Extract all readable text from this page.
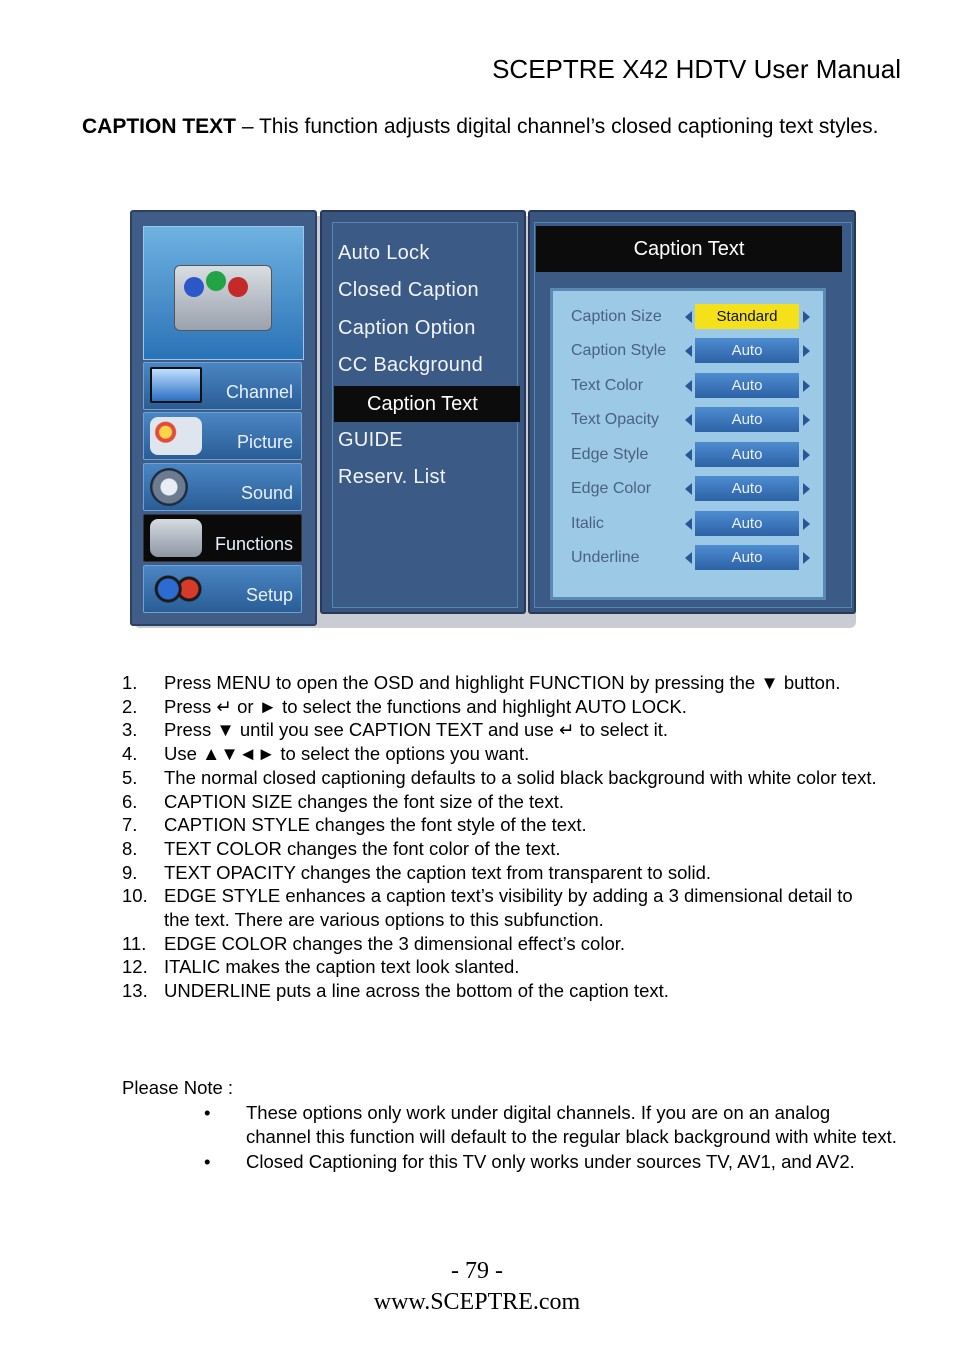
SCEPTRE X42 HDTV User Manual
CAPTION TEXT – This function adjusts digital channel’s closed captioning text styles.
Channel
Picture
Sound
Functions
Setup
Auto Lock
Closed Caption
Caption Option
CC Background
Caption Text
GUIDE
Reserv. List
Caption Text
Caption Size	Standard
Caption Style	Auto
Text Color	Auto
Text Opacity	Auto
Edge Style	Auto
Edge Color	Auto
Italic	Auto
Underline	Auto
1. Press MENU to open the OSD and highlight FUNCTION by pressing the ▼ button.
2. Press ↵ or ► to select the functions and highlight AUTO LOCK.
3. Press ▼ until you see CAPTION TEXT and use ↵ to select it.
4. Use ▲▼◄► to select the options you want.
5. The normal closed captioning defaults to a solid black background with white color text.
6. CAPTION SIZE changes the font size of the text.
7. CAPTION STYLE changes the font style of the text.
8. TEXT COLOR changes the font color of the text.
9. TEXT OPACITY changes the caption text from transparent to solid.
10. EDGE STYLE enhances a caption text’s visibility by adding a 3 dimensional detail to the text. There are various options to this subfunction.
11. EDGE COLOR changes the 3 dimensional effect’s color.
12. ITALIC makes the caption text look slanted.
13. UNDERLINE puts a line across the bottom of the caption text.
Please Note :
• These options only work under digital channels. If you are on an analog channel this function will default to the regular black background with white text.
• Closed Captioning for this TV only works under sources TV, AV1, and AV2.
- 79 -
www.SCEPTRE.com
